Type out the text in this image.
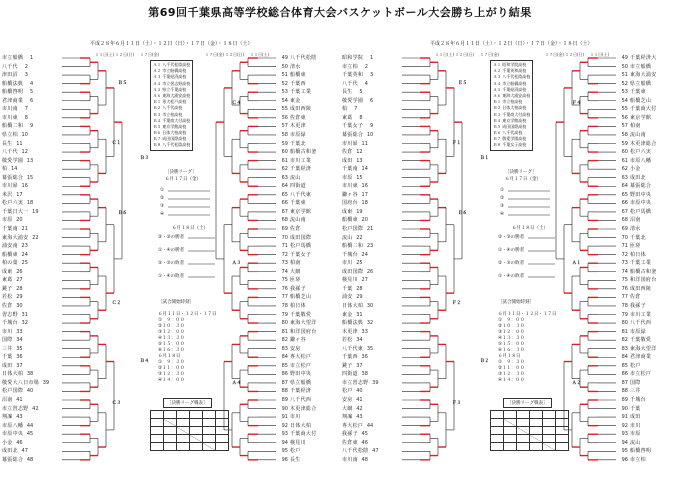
第69回千葉県高等学校総合体育大会バスケットボール大会勝ち上がり結果
平成２８年６月１１日（土）・１２日（日）・１７日（金）・１８日（土）
１１日(土) １２日(日) １７日(金)	１７日(金) １２日(日) １１日(土)
市立船橋 1
八千代 2
津田沼 3
船橋法典 4
船橋啓明 5
君津商業 6
市川南 7
市川東 8
船橋二和 9
県立柏 10
長生 11
八千代 12
敬愛学園 13
柏 14
幕張総合 15
市川昴 16
米沢 17
松戸六実 18
千葉日大一 19
市原 20
千葉南 21
東海大浦安 22
浦安南 23
船橋東 24
柏の葉 25
成東 26
東葛 27
銚子 28
若松 29
佐倉 30
習志野 31
千城台 32
市川 33
国際 34
三井 35
千葉 36
成田 37
日体大柏 38
敬愛大八日市場 39
松戸国際 40
沼南 41
市立習志野 42
翔凜 43
市原八幡 44
市原中央 45
小金 46
成田北 47
幕張総合 48
49 八千代松陰
50 清水
51 船橋東
52 千葉西
53 千葉工業
54 東金
55 成田西陵
56 佐倉東
57 木更津
58 市原緑
59 千葉北
60 船橋古和釜
61 市川工業
62 千葉経済
63 流山
64 四街道
65 八千代東
66 千葉東
67 東京学館
68 流山南
69 佐倉
70 成田国際
71 松戸馬橋
72 千葉女子
73 柏南
74 大網
75 匝瑳
76 我孫子
77 船橋芝山
78 柏日体
79 千葉敬愛
80 東海大望洋
81 和洋国府台
82 鎌ヶ谷
83 安房
84 専大松戸
85 市立松戸
86 野田中央
87 県立船橋
88 千葉経済
89 八千代西
90 木更津総合
91 市川
92 日体大柏
93 千葉商大付
94 検見川
95 松戸
96 長生
Ｂ５
Ｂ６
Ｃ１
Ｃ２
Ｃ３
Ｃ４
Ａ３
Ａ４
Ｂ３
Ｂ４
Ａ１ 八千代松陰高校
Ａ２ 市立船橋高校
Ａ３ 千葉経済高校
Ａ４ 市立習志野高校
Ａ５ 県立千葉高校
Ａ６ 東海大浦安高校
Ｂ１ 専大松戸高校
Ｂ２ 八千代高校
Ｂ３ 市立柏高校
Ｂ４ 千葉商大付高校
Ｂ５ 東京学館高校
Ｂ６ 日体大柏高校
Ｂ７ 成田国際高校
Ｂ８ 八千代松陰高校
［決勝リーグ］
６月１７日（金）
①
②
③
④
６月１８日（土）
②・③の勝者
①・④の勝者
②・③の敗者
①・④の敗者
［試合開始時刻］
６月１１日・１２日・１７日
①　９：００
②１０：３０
③１２：００
④１３：３０
⑤１５：００
⑥１６：３０
６月１８日
①　９：３０
②１１：００
③１２：３０
④１４：００
［決勝リーグ戦表］

平成２８年６月１１日（土）・１２日（日）・１７日（金）・１８日（土）
１１日(土) １２日(日) １７日(金)	１７日(金) １２日(日) １１日(土)
昭和学院 1
市立柏 2
千葉英和 3
八千代 4
長生 5
敬愛学園 6
柏 7
東葛 8
千葉女子 9
幕張総合 10
市川昴 11
佐倉 12
成田 13
千葉南 14
市原 15
市川東 16
鎌ヶ谷 17
国府台 18
成東 19
船橋東 20
松戸国際 21
流山 22
船橋二和 23
千城台 24
市川 25
成田国際 26
検見川 27
千葉 28
浦安 29
日体大柏 30
東金 31
船橋法典 32
木更津 33
若松 34
八千代東 35
千葉西 36
銚子 37
四街道 38
市立習志野 39
松戸 40
安房 41
大網 42
翔凜 43
専大松戸 44
我孫子 45
佐倉東 46
八千代松陰 47
市川南 48
49 千葉経済大
50 市立船橋
51 東海大浦安
52 県立船橋
53 千葉東
54 船橋芝山
55 千葉商大付
56 東京学館
57 柏南
58 流山南
59 木更津総合
60 松戸六実
61 市原八幡
62 小金
63 成田北
64 幕張総合
65 野田中央
66 市原中央
67 松戸馬橋
68 沼南
69 清水
70 千葉北
71 匝瑳
72 柏日体
73 千葉工業
74 船橋古和釜
75 和洋国府台
76 成田西陵
77 佐倉
78 我孫子
79 市川工業
80 八千代西
81 市原緑
82 千葉敬愛
83 東海大望洋
84 君津商業
85 松戸
86 市立松戸
87 国際
88 三井
89 千城台
90 千葉
91 成田
92 市川
93 市原
94 流山
95 船橋啓明
96 市立柏
Ｅ５
Ｅ６
Ｆ１
Ｆ２
Ｆ３
Ｆ４
Ａ１
Ａ２
Ｂ１
Ｂ２
Ａ１ 昭和学院高校
Ａ２ 千葉英和高校
Ａ３ 八千代松陰高校
Ａ４ 市立船橋高校
Ａ５ 千葉経済高校
Ａ６ 東海大浦安高校
Ｂ１ 市立柏高校
Ｂ２ 日体大柏高校
Ｂ３ 千葉商大付高校
Ｂ４ 東京学館高校
Ｂ５ 成田国際高校
Ｂ６ 八千代高校
Ｂ７ 敬愛学園高校
Ｂ８ 千葉女子高校
［決勝リーグ］
６月１７日（金）
①
②
③
④
６月１８日（土）
②・③の勝者
①・④の勝者
②・③の敗者
①・④の敗者
［試合開始時刻］
６月１１日・１２日・１７日
①　９：００
②１０：３０
③１２：００
④１３：３０
⑤１５：００
⑥１６：３０
６月１８日
①　９：３０
②１１：００
③１２：３０
④１４：００
［決勝リーグ戦表］
